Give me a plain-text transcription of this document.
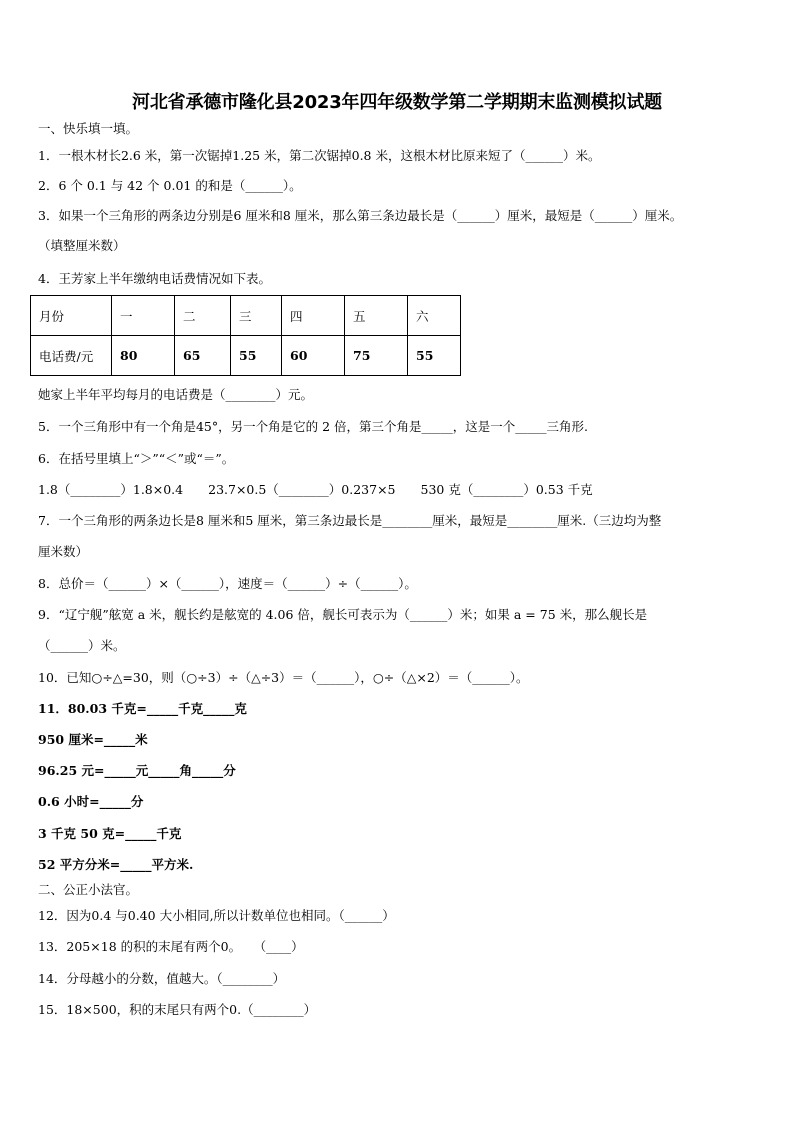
河北省承德市隆化县2023年四年级数学第二学期期末监测模拟试题
一、快乐填一填。
1．一根木材长2.6 米，第一次锯掉1.25 米，第二次锯掉0.8 米，这根木材比原来短了（______）米。
2．6 个 0.1 与 42 个 0.01 的和是（______）。
3．如果一个三角形的两条边分别是6 厘米和8 厘米，那么第三条边最长是（______）厘米，最短是（______）厘米。
（填整厘米数）
4．王芳家上半年缴纳电话费情况如下表。
月份	一	二	三	四	五	六
电话费/元	80	65	55	60	75	55
她家上半年平均每月的电话费是（________）元。
5．一个三角形中有一个角是45°，另一个角是它的 2 倍，第三个角是_____，这是一个_____三角形.
6．在括号里填上“＞”“＜”或“＝”。
1.8（________）1.8×0.4　　23.7×0.5（________）0.237×5　　530 克（________）0.53 千克
7．一个三角形的两条边长是8 厘米和5 厘米，第三条边最长是________厘米，最短是________厘米.（三边均为整
厘米数）
8．总价＝（______）×（______），速度＝（______）÷（______）。
9．“辽宁舰”舷宽 a 米，舰长约是舷宽的 4.06 倍，舰长可表示为（______）米；如果 a = 75 米，那么舰长是
（______）米。
10．已知○÷△=30，则（○÷3）÷（△÷3）＝（______），○÷（△×2）＝（______）。
11．80.03 千克=_____千克_____克
950 厘米=_____米
96.25 元=_____元_____角_____分
0.6 小时=_____分
3 千克 50 克=_____千克
52 平方分米=_____平方米.
二、公正小法官。
12．因为0.4 与0.40 大小相同,所以计数单位也相同。（______）
13．205×18 的积的末尾有两个0。　　（____）
14．分母越小的分数，值越大。（________）
15．18×500，积的末尾只有两个0.（________）
